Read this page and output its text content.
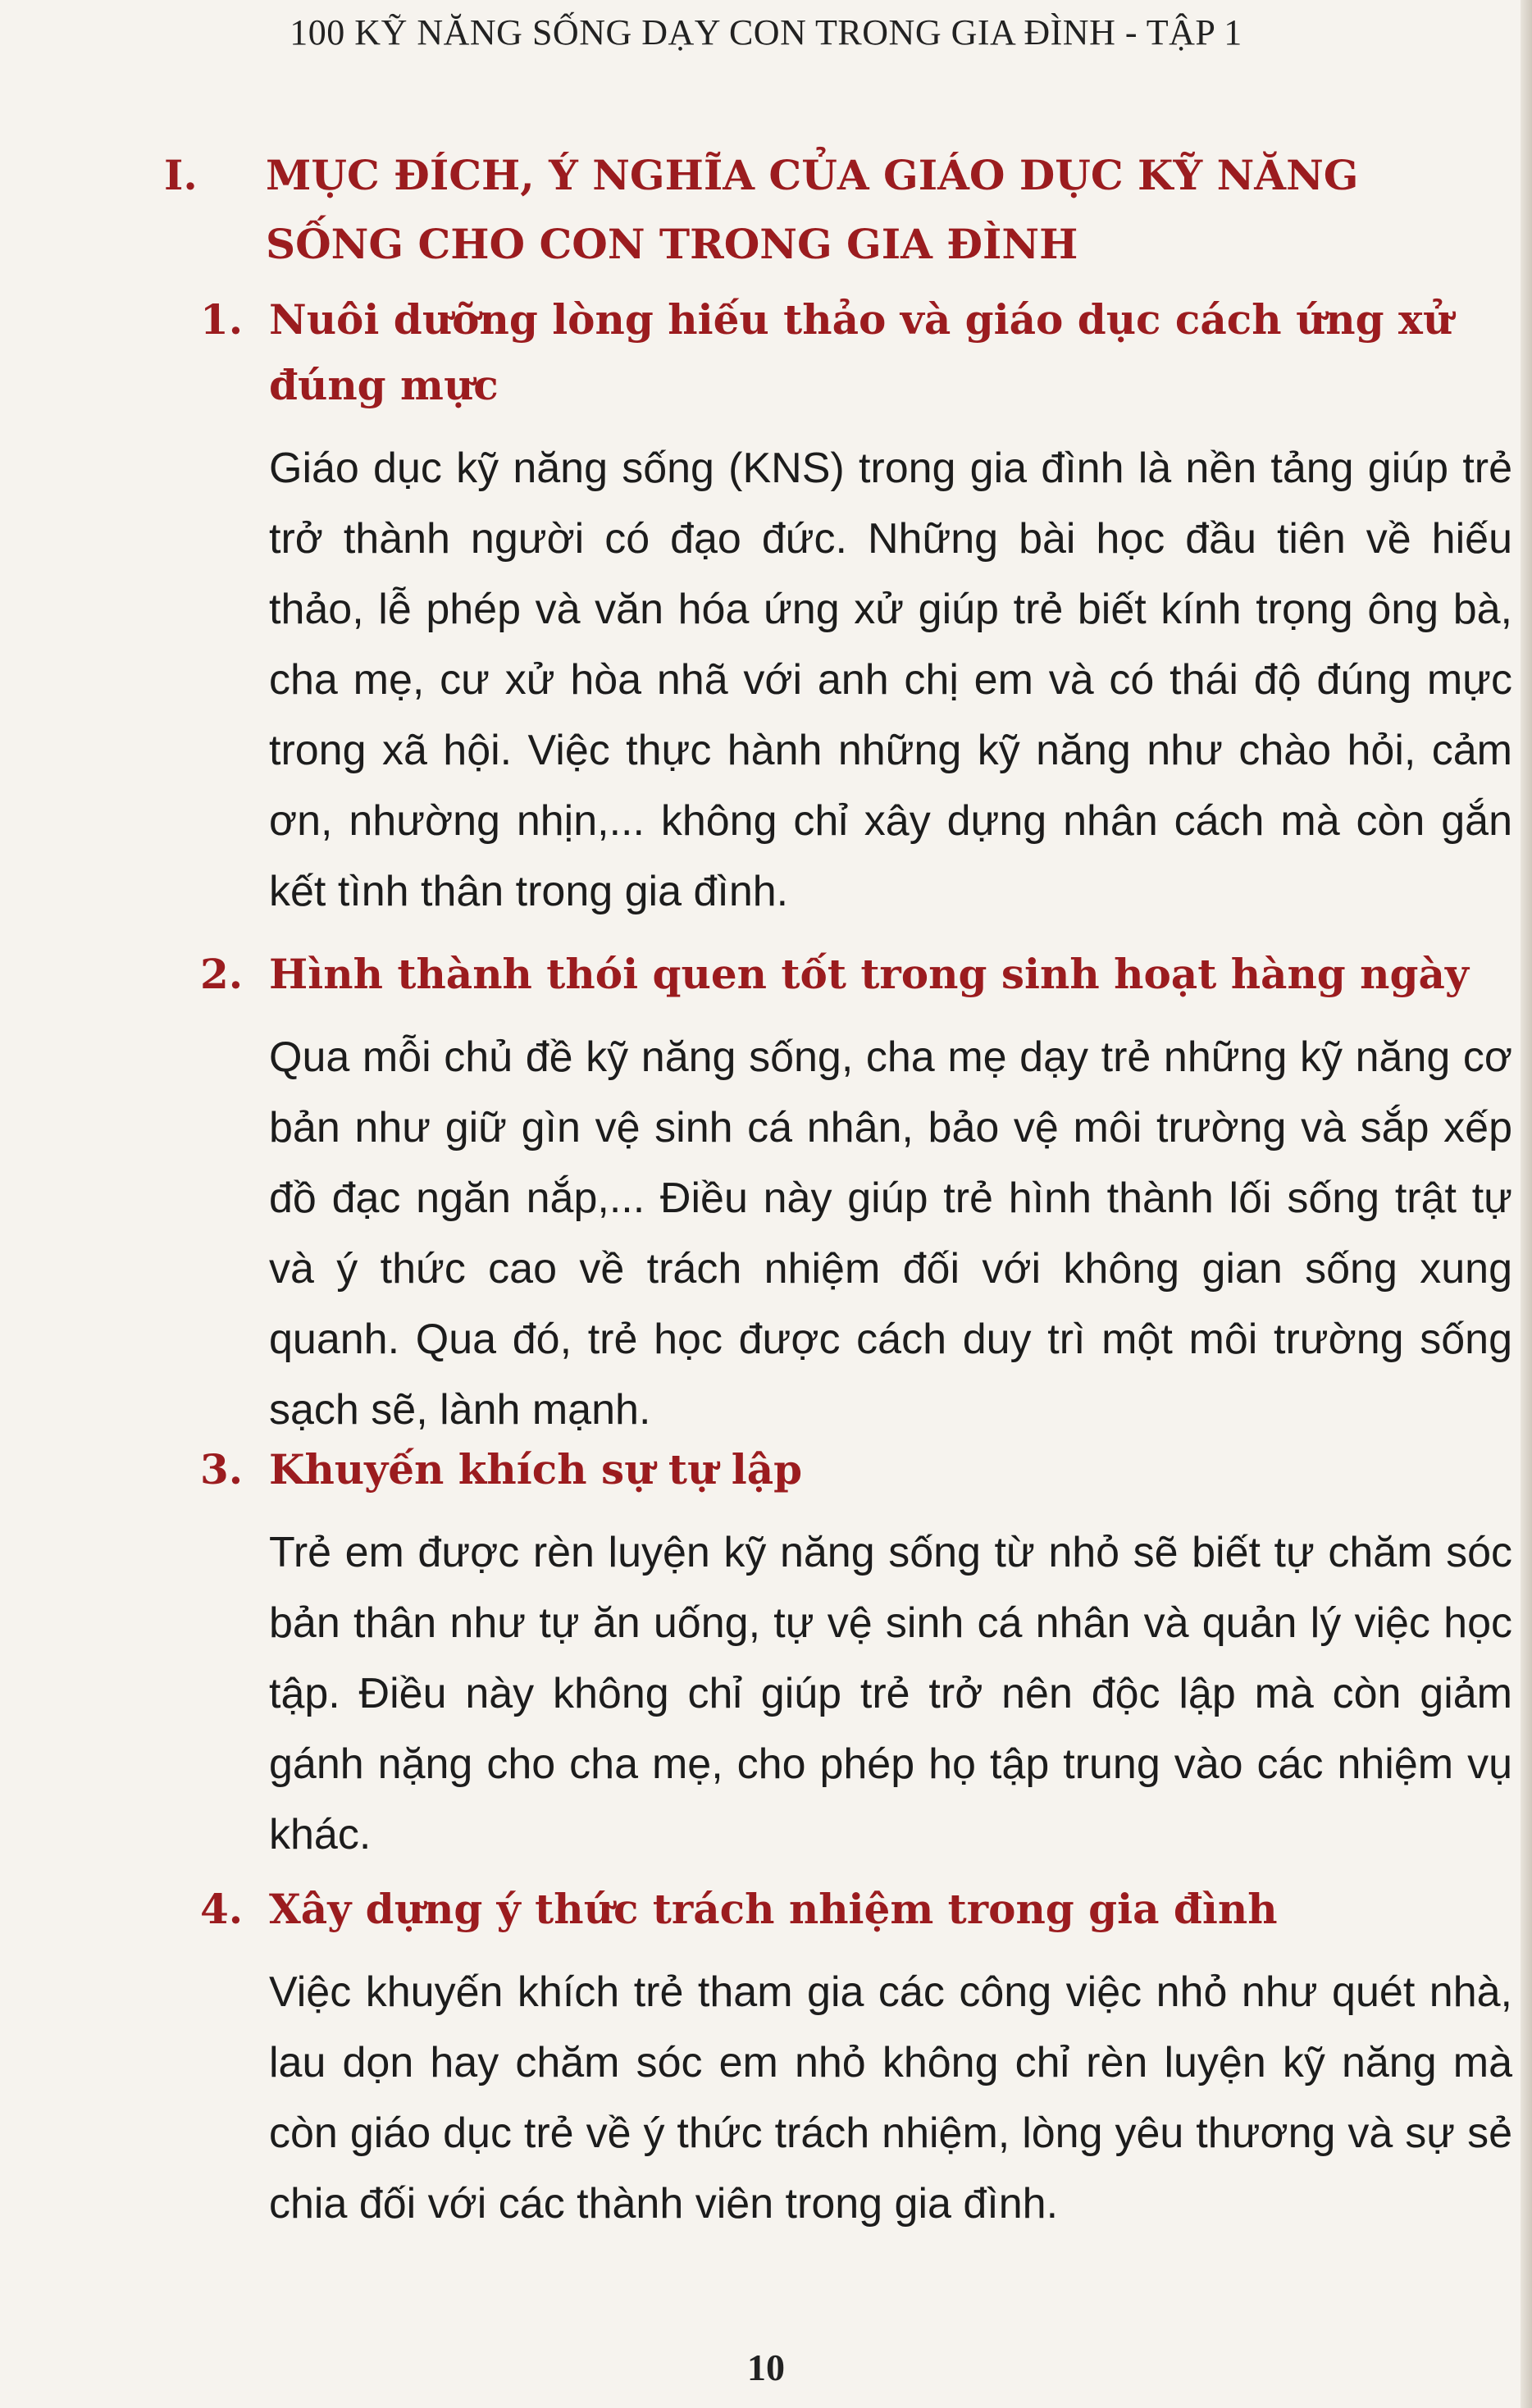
100 KỸ NĂNG SỐNG DẠY CON TRONG GIA ĐÌNH - TẬP 1

I.	MỤC ĐÍCH, Ý NGHĨA CỦA GIÁO DỤC KỸ NĂNG SỐNG CHO CON TRONG GIA ĐÌNH
1. Nuôi dưỡng lòng hiếu thảo và giáo dục cách ứng xử đúng mực

Giáo dục kỹ năng sống (KNS) trong gia đình là nền tảng giúp trẻ trở thành người có đạo đức. Những bài học đầu tiên về hiếu thảo, lễ phép và văn hóa ứng xử giúp trẻ biết kính trọng ông bà, cha mẹ, cư xử hòa nhã với anh chị em và có thái độ đúng mực trong xã hội. Việc thực hành những kỹ năng như chào hỏi, cảm ơn, nhường nhịn,... không chỉ xây dựng nhân cách mà còn gắn kết tình thân trong gia đình.

2. Hình thành thói quen tốt trong sinh hoạt hàng ngày

Qua mỗi chủ đề kỹ năng sống, cha mẹ dạy trẻ những kỹ năng cơ bản như giữ gìn vệ sinh cá nhân, bảo vệ môi trường và sắp xếp đồ đạc ngăn nắp,... Điều này giúp trẻ hình thành lối sống trật tự và ý thức cao về trách nhiệm đối với không gian sống xung quanh. Qua đó, trẻ học được cách duy trì một môi trường sống sạch sẽ, lành mạnh.

3. Khuyến khích sự tự lập

Trẻ em được rèn luyện kỹ năng sống từ nhỏ sẽ biết tự chăm sóc bản thân như tự ăn uống, tự vệ sinh cá nhân và quản lý việc học tập. Điều này không chỉ giúp trẻ trở nên độc lập mà còn giảm gánh nặng cho cha mẹ, cho phép họ tập trung vào các nhiệm vụ khác.

4. Xây dựng ý thức trách nhiệm trong gia đình

Việc khuyến khích trẻ tham gia các công việc nhỏ như quét nhà, lau dọn hay chăm sóc em nhỏ không chỉ rèn luyện kỹ năng mà còn giáo dục trẻ về ý thức trách nhiệm, lòng yêu thương và sự sẻ chia đối với các thành viên trong gia đình.

10
